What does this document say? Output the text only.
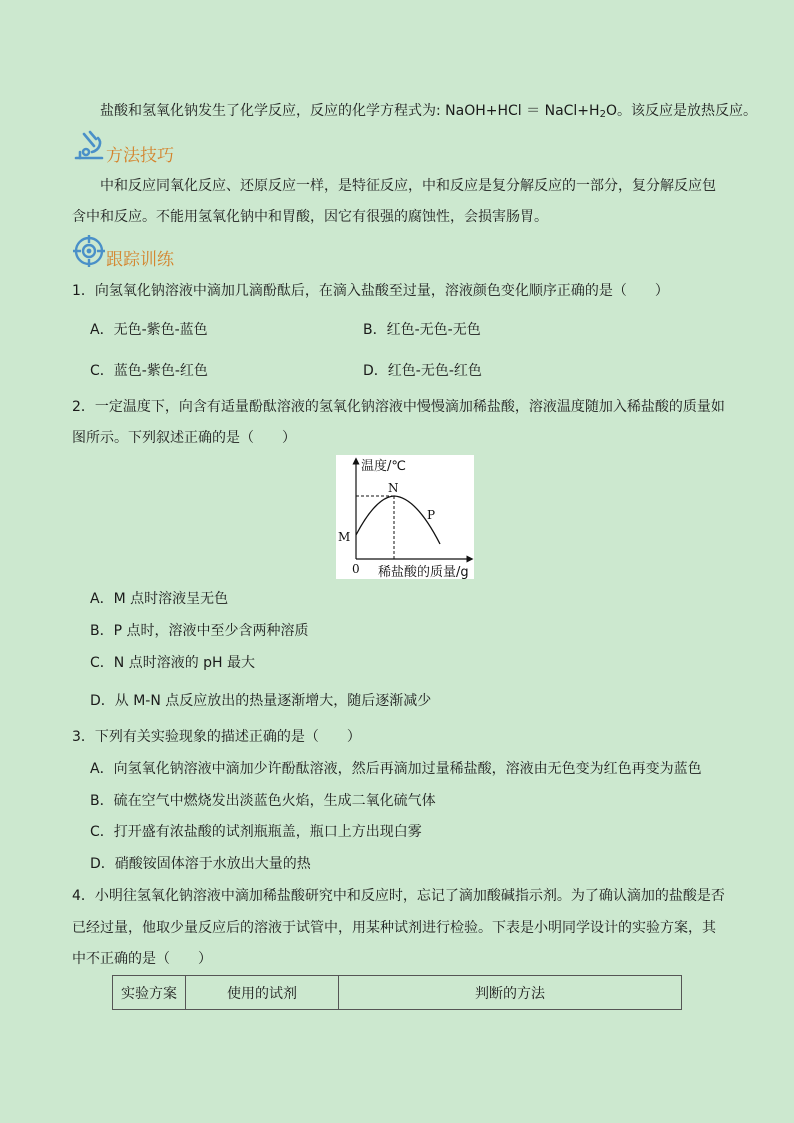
盐酸和氢氧化钠发生了化学反应，反应的化学方程式为: NaOH+HCl ＝ $NaCl+H_2O$。该反应是放热反应。
方法技巧
中和反应同氧化反应、还原反应一样，是特征反应，中和反应是复分解反应的一部分，复分解反应包
含中和反应。不能用氢氧化钠中和胃酸，因它有很强的腐蚀性，会损害肠胃。
跟踪训练
1．向氢氧化钠溶液中滴加几滴酚酞后，在滴入盐酸至过量，溶液颜色变化顺序正确的是（　　）
A．无色-紫色-蓝色	B．红色-无色-无色
C．蓝色-紫色-红色	D．红色-无色-红色
2．一定温度下，向含有适量酚酞溶液的氢氧化钠溶液中慢慢滴加稀盐酸，溶液温度随加入稀盐酸的质量如
图所示。下列叙述正确的是（　　）
温度/℃
稀盐酸的质量/g
0
M
N
P
A．M 点时溶液呈无色
B．P 点时，溶液中至少含两种溶质
C．N 点时溶液的 pH 最大
D．从 M-N 点反应放出的热量逐渐增大，随后逐渐减少
3．下列有关实验现象的描述正确的是（　　）
A．向氢氧化钠溶液中滴加少许酚酞溶液，然后再滴加过量稀盐酸，溶液由无色变为红色再变为蓝色
B．硫在空气中燃烧发出淡蓝色火焰，生成二氧化硫气体
C．打开盛有浓盐酸的试剂瓶瓶盖，瓶口上方出现白雾
D．硝酸铵固体溶于水放出大量的热
4．小明往氢氧化钠溶液中滴加稀盐酸研究中和反应时，忘记了滴加酸碱指示剂。为了确认滴加的盐酸是否
已经过量，他取少量反应后的溶液于试管中，用某种试剂进行检验。下表是小明同学设计的实验方案，其
中不正确的是（　　）
实验方案	使用的试剂	判断的方法
